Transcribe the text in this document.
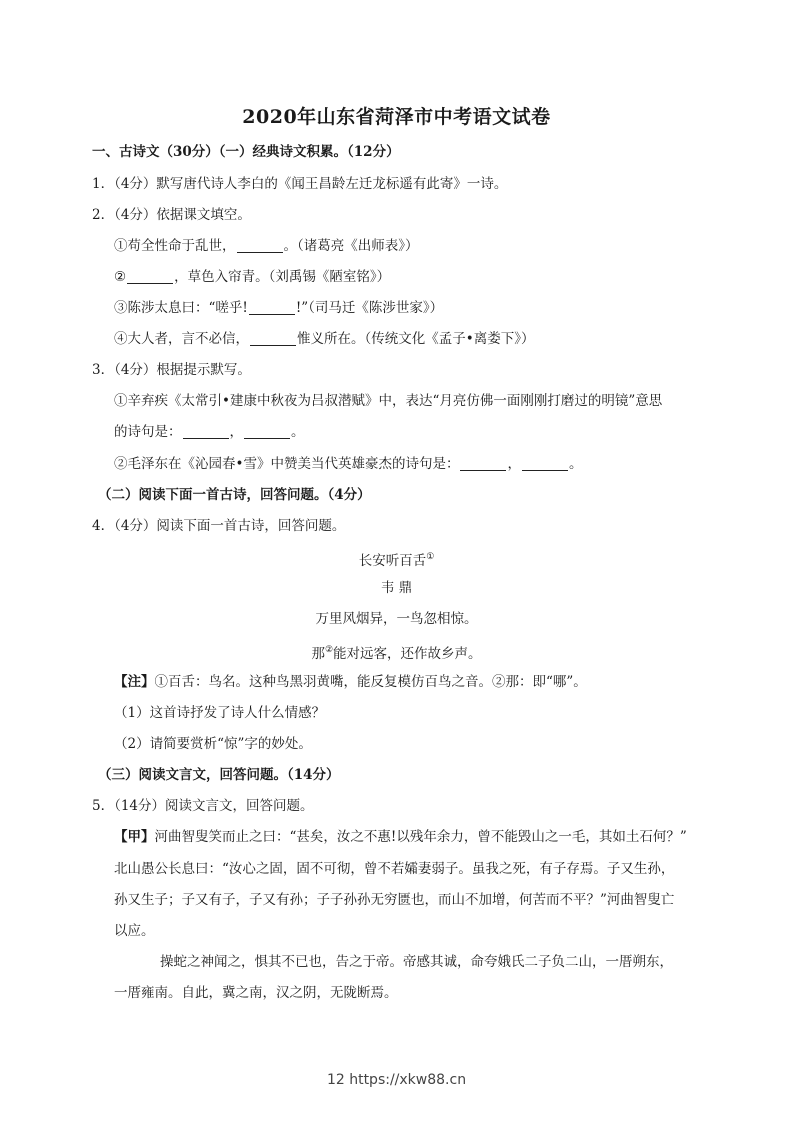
2020年山东省菏泽市中考语文试卷
一、古诗文（30分）（一）经典诗文积累。（12分）
1．（4分）默写唐代诗人李白的《闻王昌龄左迁龙标遥有此寄》一诗。
2．（4分）依据课文填空。
①苟全性命于乱世，	。（诸葛亮《出师表》）
②	，草色入帘青。（刘禹锡《陋室铭》）
③陈涉太息曰：“嗟乎!	!”（司马迁《陈涉世家》）
④大人者，言不必信，	惟义所在。（传统文化《孟子•离娄下》）
3．（4分）根据提示默写。
①辛弃疾《太常引•建康中秋夜为吕叔潜赋》中，表达“月亮仿佛一面刚刚打磨过的明镜”意思
的诗句是：	，	。
②毛泽东在《沁园春•雪》中赞美当代英雄豪杰的诗句是：	，	。
（二）阅读下面一首古诗，回答问题。（4分）
4．（4分）阅读下面一首古诗，回答问题。
长安听百舌①
韦 鼎
万里风烟异，一鸟忽相惊。
那②能对远客，还作故乡声。
【注】①百舌：鸟名。这种鸟黑羽黄嘴，能反复模仿百鸟之音。②那：即“哪”。
（1）这首诗抒发了诗人什么情感？
（2）请简要赏析“惊”字的妙处。
（三）阅读文言文，回答问题。（14分）
5．（14分）阅读文言文，回答问题。
【甲】河曲智叟笑而止之曰：“甚矣，汝之不惠!以残年余力，曾不能毁山之一毛，其如土石何？”
北山愚公长息曰：“汝心之固，固不可彻，曾不若孀妻弱子。虽我之死，有子存焉。子又生孙，
孙又生子；子又有子，子又有孙；子子孙孙无穷匮也，而山不加增，何苦而不平？”河曲智叟亡
以应。
操蛇之神闻之，惧其不已也，告之于帝。帝感其诚，命夸娥氏二子负二山，一厝朔东，
一厝雍南。自此，冀之南，汉之阴，无陇断焉。
12 https://xkw88.cn
